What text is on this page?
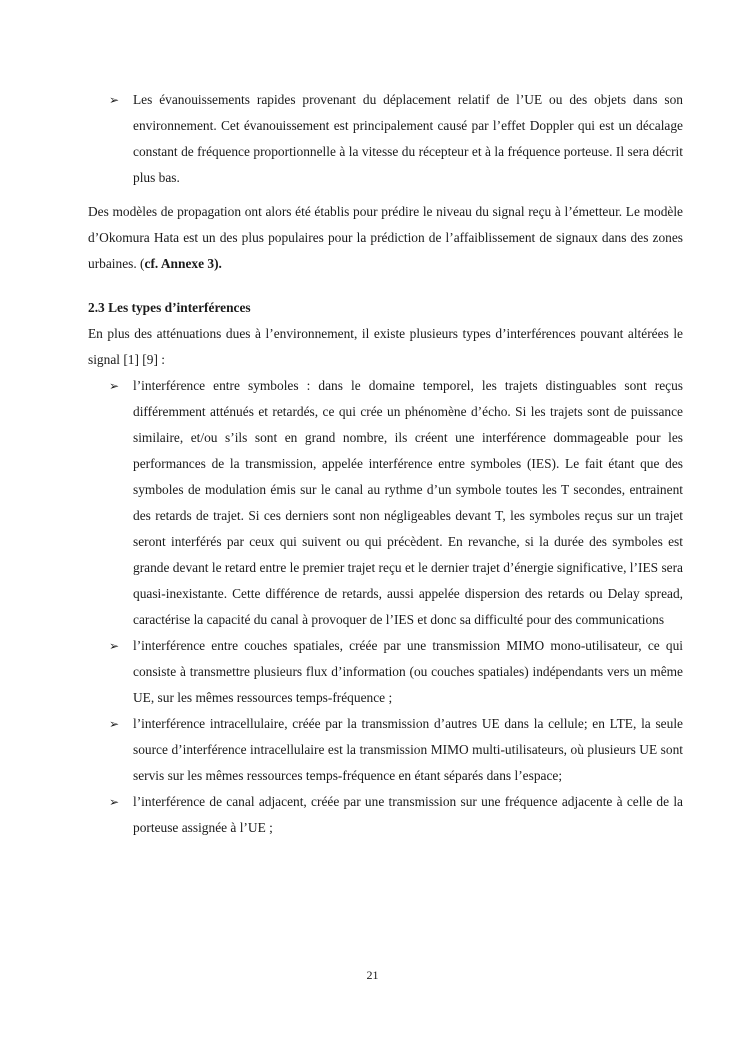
➢ Les évanouissements rapides provenant du déplacement relatif de l’UE ou des objets dans son environnement. Cet évanouissement est principalement causé par l’effet Doppler qui est un décalage constant de fréquence proportionnelle à la vitesse du récepteur et à la fréquence porteuse. Il sera décrit plus bas.

Des modèles de propagation ont alors été établis pour prédire le niveau du signal reçu à l’émetteur. Le modèle d’Okomura Hata est un des plus populaires pour la prédiction de l’affaiblissement de signaux dans des zones urbaines. (cf. Annexe 3).

2.3 Les types d’interférences

En plus des atténuations dues à l’environnement, il existe plusieurs types d’interférences pouvant altérées le signal [1] [9] :

➢ l’interférence entre symboles : dans le domaine temporel, les trajets distinguables sont reçus différemment atténués et retardés, ce qui crée un phénomène d’écho. Si les trajets sont de puissance similaire, et/ou s’ils sont en grand nombre, ils créent une interférence dommageable pour les performances de la transmission, appelée interférence entre symboles (IES). Le fait étant que des symboles de modulation émis sur le canal au rythme d’un symbole toutes les T secondes, entrainent des retards de trajet. Si ces derniers sont non négligeables devant T, les symboles reçus sur un trajet seront interférés par ceux qui suivent ou qui précèdent. En revanche, si la durée des symboles est grande devant le retard entre le premier trajet reçu et le dernier trajet d’énergie significative, l’IES sera quasi-inexistante. Cette différence de retards, aussi appelée dispersion des retards ou Delay spread, caractérise la capacité du canal à provoquer de l’IES et donc sa difficulté pour des communications
➢ l’interférence entre couches spatiales, créée par une transmission MIMO mono-utilisateur, ce qui consiste à transmettre plusieurs flux d’information (ou couches spatiales) indépendants vers un même UE, sur les mêmes ressources temps-fréquence ;
➢ l’interférence intracellulaire, créée par la transmission d’autres UE dans la cellule; en LTE, la seule source d’interférence intracellulaire est la transmission MIMO multi-utilisateurs, où plusieurs UE sont servis sur les mêmes ressources temps-fréquence en étant séparés dans l’espace;
➢ l’interférence de canal adjacent, créée par une transmission sur une fréquence adjacente à celle de la porteuse assignée à l’UE ;
21
